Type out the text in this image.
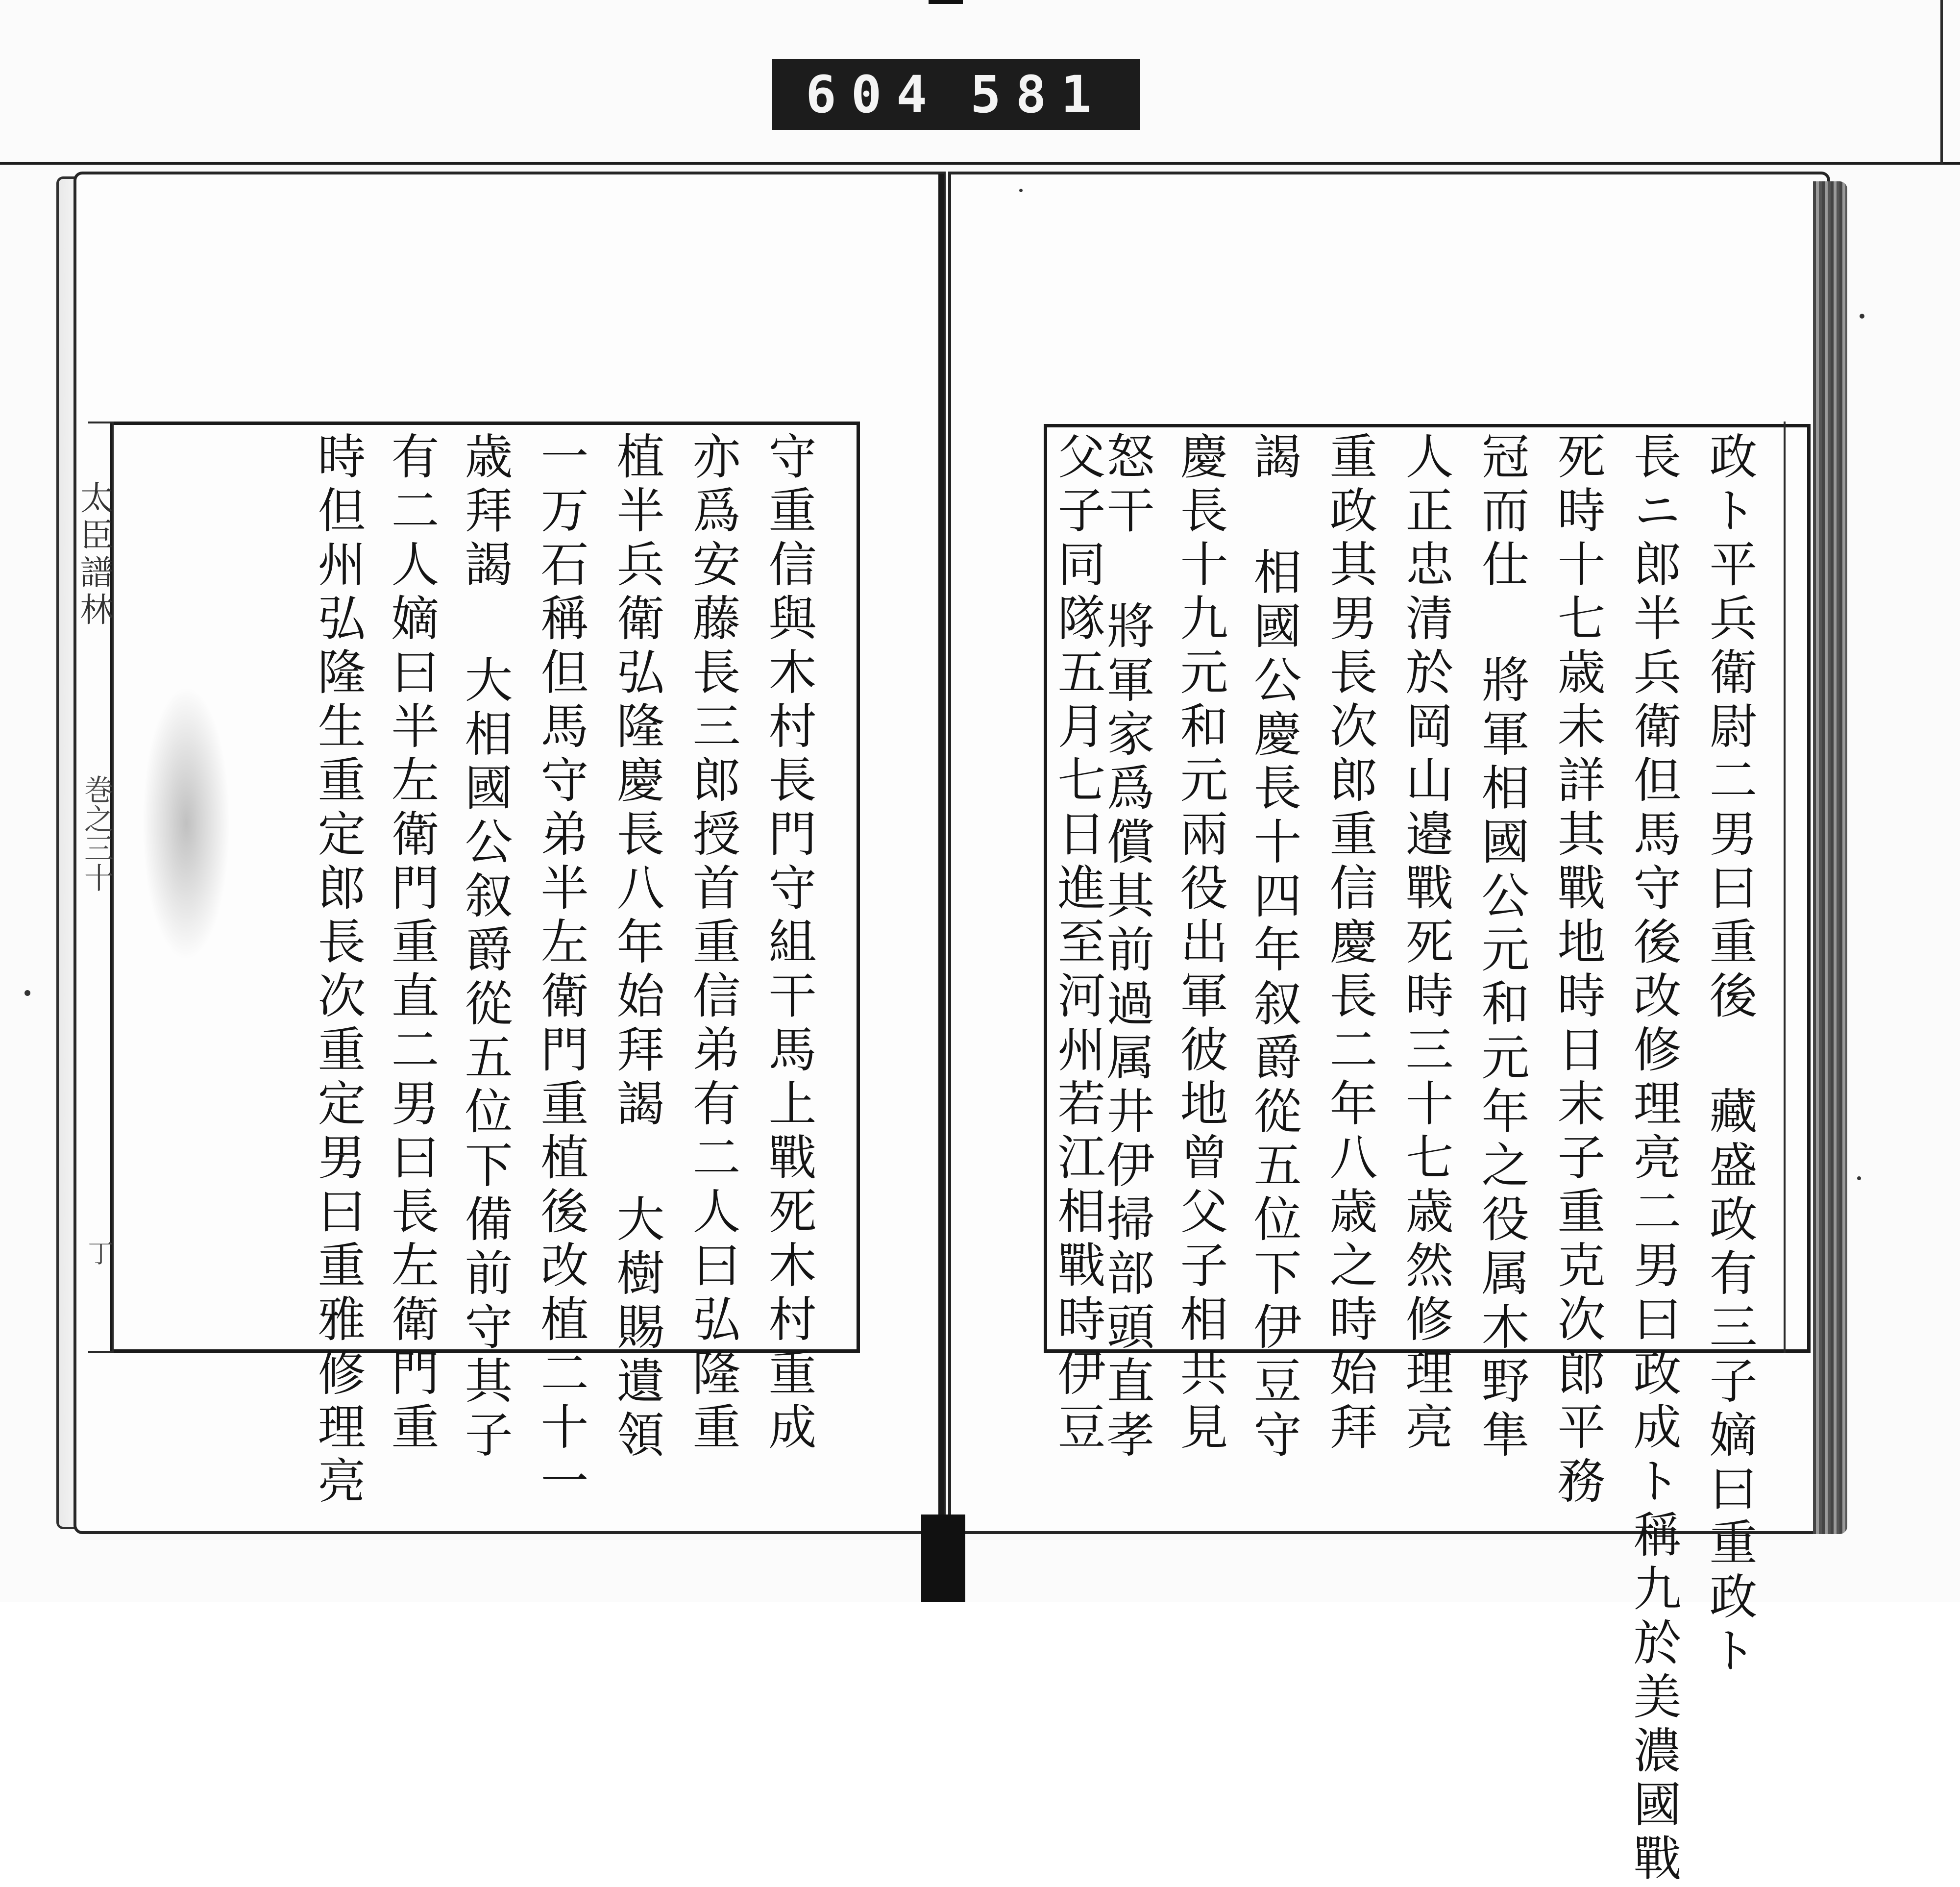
604 581
太臣譜林
巻之三十
丁	政ト平兵衛尉二男曰重後 藏盛政有三子嫡曰重政ト
長ニ郎半兵衛但馬守後改修理亮二男曰政成ト稱九於美濃國戰
死時十七歳未詳其戰地時日末子重克次郎平務
冠而仕 將軍相國公元和元年之役属木野隼
人正忠清於岡山邉戰死時三十七歳然修理亮
重政其男長次郎重信慶長二年八歳之時始拜
謁 相國公慶長十四年叙爵從五位下伊豆守
慶長十九元和元兩役出軍彼地曾父子相共見
怒干 將軍家爲償其前過属井伊掃部頭直孝
父子同隊五月七日進至河州若江相戰時伊豆
守重信與木村長門守組干馬上戰死木村重成
亦爲安藤長三郎授首重信弟有二人曰弘隆重
植半兵衛弘隆慶長八年始拜謁 大樹賜遺領
一万石稱但馬守弟半左衛門重植後改植二十一
歳拜謁 大相國公叙爵從五位下備前守其子
有二人嫡曰半左衛門重直二男曰長左衛門重
時但州弘隆生重定郎長次重定男曰重雅修理亮
